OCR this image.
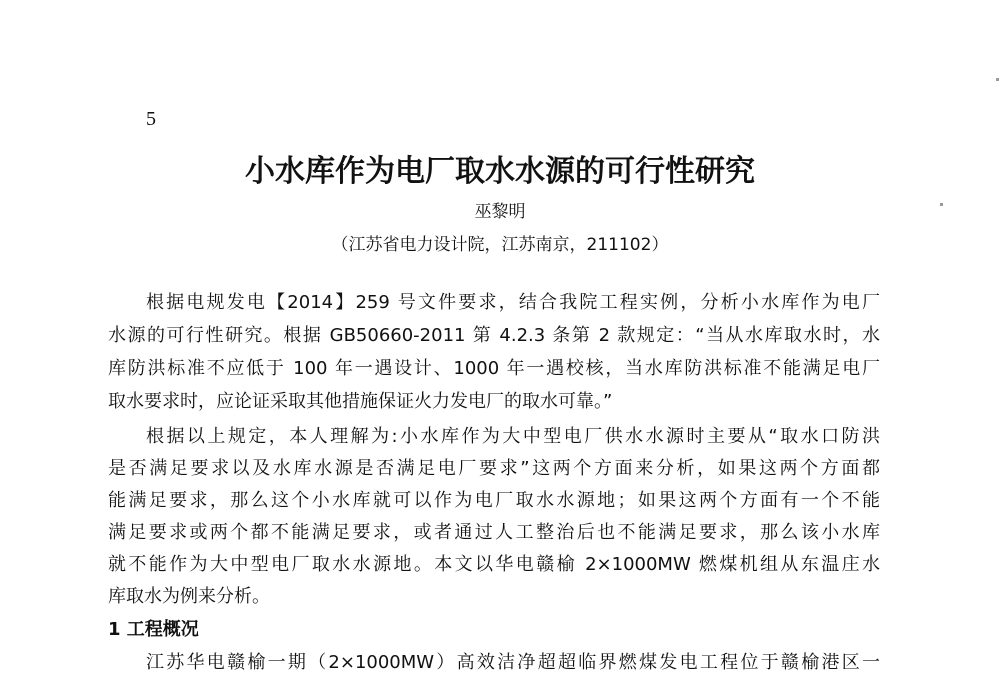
5
小水库作为电厂取水水源的可行性研究
巫黎明
（江苏省电力设计院，江苏南京，211102）
根据电规发电【2014】259 号文件要求，结合我院工程实例，分析小水库作为电厂
水源的可行性研究。根据 GB50660-2011 第 4.2.3 条第 2 款规定：“当从水库取水时，水
库防洪标准不应低于 100 年一遇设计、1000 年一遇校核，当水库防洪标准不能满足电厂
取水要求时，应论证采取其他措施保证火力发电厂的取水可靠。”
根据以上规定，本人理解为:小水库作为大中型电厂供水水源时主要从“取水口防洪
是否满足要求以及水库水源是否满足电厂要求”这两个方面来分析，如果这两个方面都
能满足要求，那么这个小水库就可以作为电厂取水水源地；如果这两个方面有一个不能
满足要求或两个都不能满足要求，或者通过人工整治后也不能满足要求，那么该小水库
就不能作为大中型电厂取水水源地。本文以华电赣榆 2×1000MW 燃煤机组从东温庄水
库取水为例来分析。
1 工程概况
江苏华电赣榆一期（2×1000MW）高效洁净超超临界燃煤发电工程位于赣榆港区一
